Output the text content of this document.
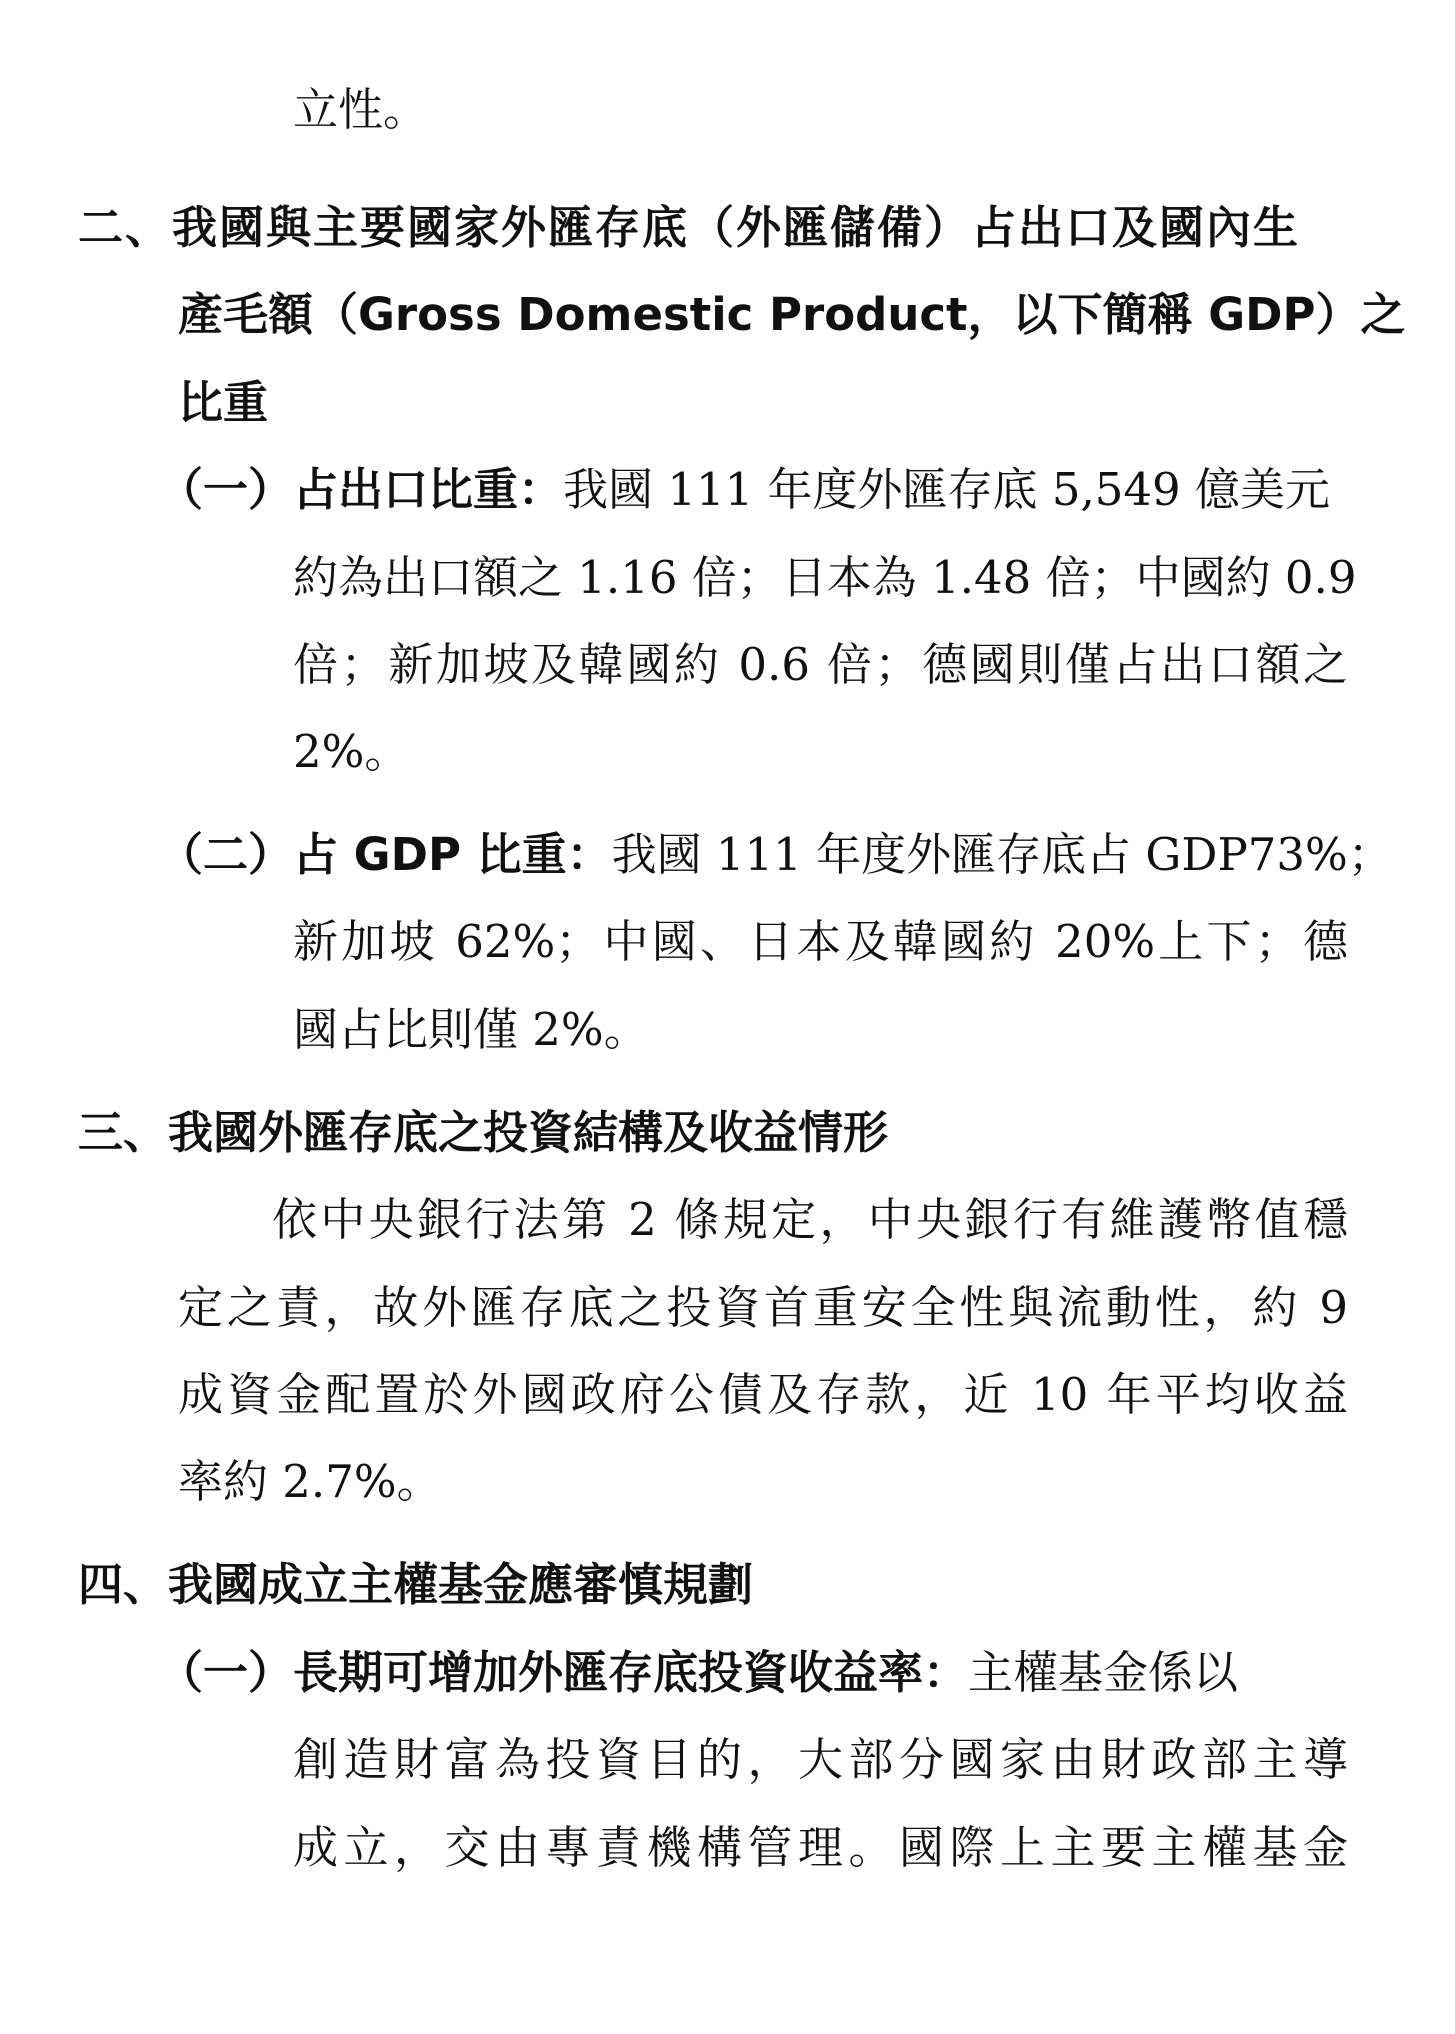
立性。
二、我國與主要國家外匯存底（外匯儲備）占出口及國內生
產毛額（Gross Domestic Product，以下簡稱 GDP）之
比重
（一）占出口比重：我國 111 年度外匯存底 5,549 億美元
約為出口額之 1.16 倍；日本為 1.48 倍；中國約 0.9
倍；新加坡及韓國約 0.6 倍；德國則僅占出口額之
2%。
（二）占 GDP 比重：我國 111 年度外匯存底占 GDP73%；
新加坡 62%；中國、日本及韓國約 20%上下；德
國占比則僅 2%。
三、我國外匯存底之投資結構及收益情形
依中央銀行法第 2 條規定，中央銀行有維護幣值穩
定之責，故外匯存底之投資首重安全性與流動性，約 9
成資金配置於外國政府公債及存款，近 10 年平均收益
率約 2.7%。
四、我國成立主權基金應審慎規劃
（一）長期可增加外匯存底投資收益率：主權基金係以
創造財富為投資目的，大部分國家由財政部主導
成立，交由專責機構管理。國際上主要主權基金
